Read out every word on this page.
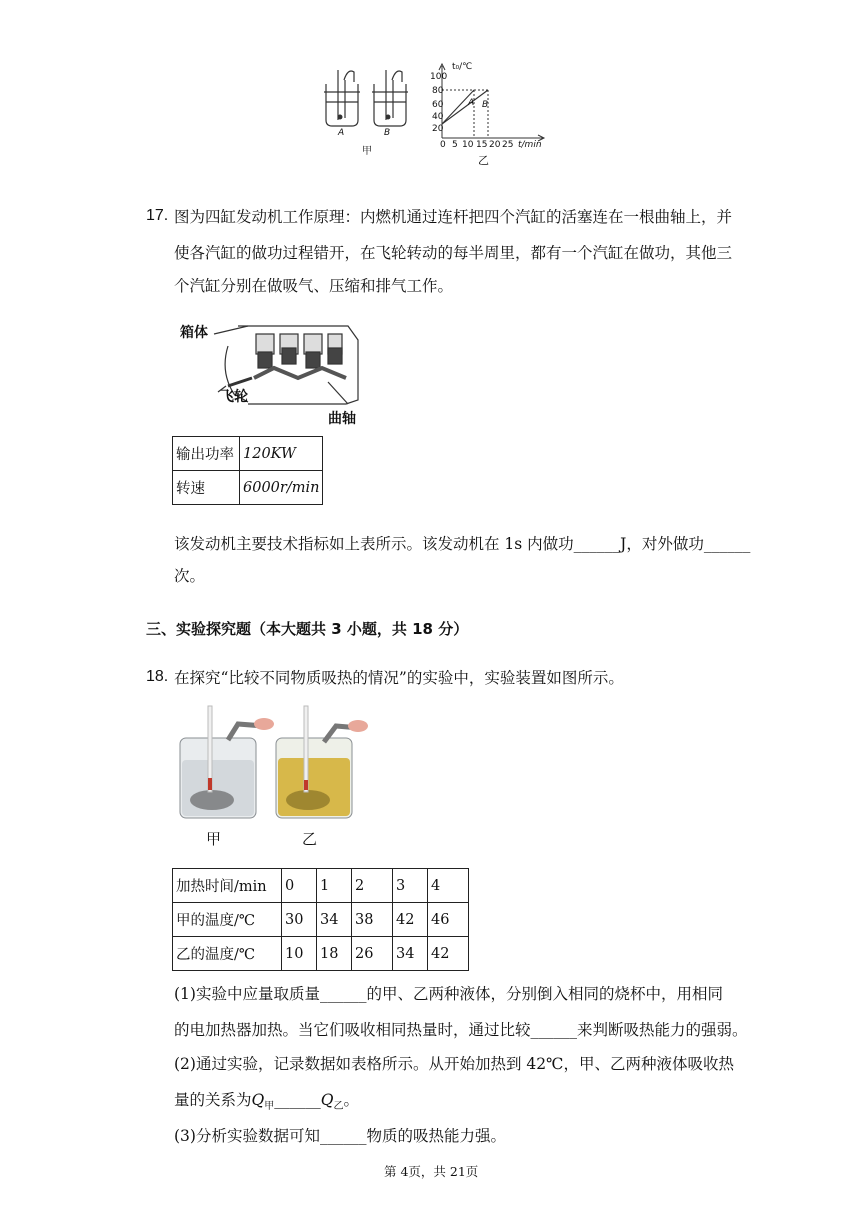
A	B
甲
t₀/℃
100
80
60
40
20
0 5 10 15 20 25 t/min
A B
乙
17. 图为四缸发动机工作原理：内燃机通过连杆把四个汽缸的活塞连在一根曲轴上，并
使各汽缸的做功过程错开，在飞轮转动的每半周里，都有一个汽缸在做功，其他三
个汽缸分别在做吸气、压缩和排气工作。
箱体
飞轮
曲轴
输出功率	120KW
转速	6000r/min
该发动机主要技术指标如上表所示。该发动机在 1s 内做功______J，对外做功______
次。
三、实验探究题（本大题共 3 小题，共 18 分）
18. 在探究“比较不同物质吸热的情况”的实验中，实验装置如图所示。
甲	乙
加热时间/min	0	1	2	3	4
甲的温度/℃	30	34	38	42	46
乙的温度/℃	10	18	26	34	42
(1)实验中应量取质量______的甲、乙两种液体，分别倒入相同的烧杯中，用相同
的电加热器加热。当它们吸收相同热量时，通过比较______来判断吸热能力的强弱。
(2)通过实验，记录数据如表格所示。从开始加热到 42℃，甲、乙两种液体吸收热
量的关系为$Q_甲\_\_\_\_\_\_Q_乙$。
(3)分析实验数据可知______物质的吸热能力强。
第 4页，共 21页
